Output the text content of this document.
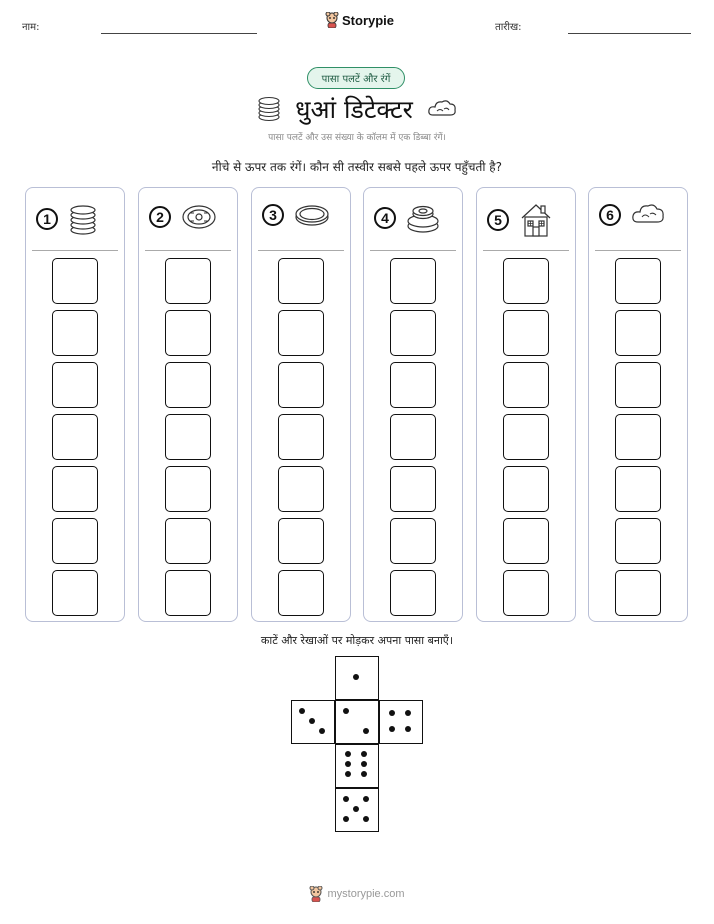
नाम:	Storypie	तारीख:
पासा पलटें और रंगें
धुआं डिटेक्टर
पासा पलटें और उस संख्या के कॉलम में एक डिब्बा रंगें।
नीचे से ऊपर तक रंगें। कौन सी तस्वीर सबसे पहले ऊपर पहुँचती है?
1	2	3	4	5	6
काटें और रेखाओं पर मोड़कर अपना पासा बनाएँ।
mystorypie.com
